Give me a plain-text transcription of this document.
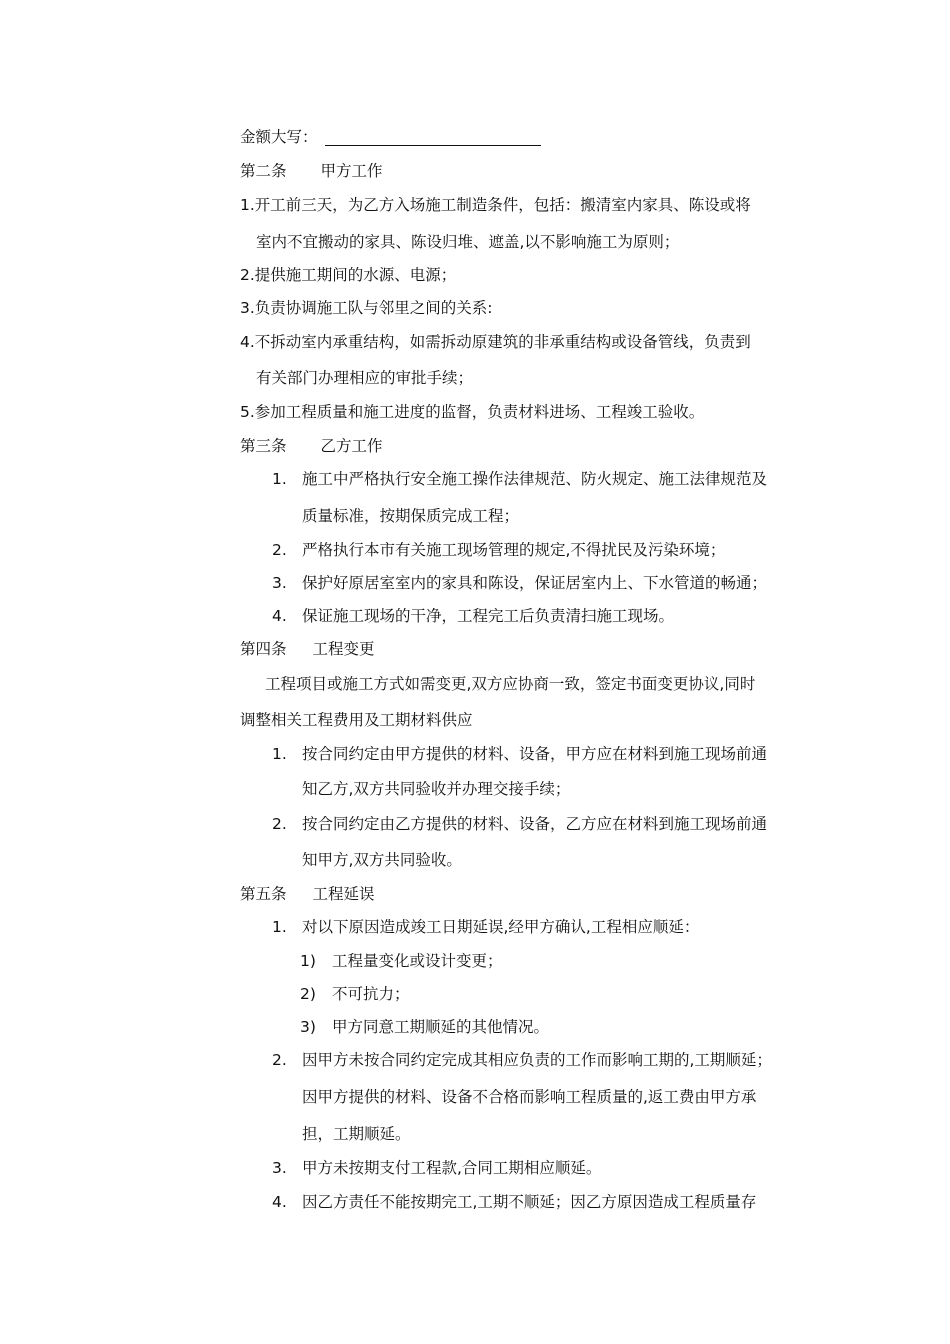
金额大写：
第二条 甲方工作
1.开工前三天，为乙方入场施工制造条件，包括：搬清室内家具、陈设或将
室内不宜搬动的家具、陈设归堆、遮盖,以不影响施工为原则；
2.提供施工期间的水源、电源；
3.负责协调施工队与邻里之间的关系:
4.不拆动室内承重结构，如需拆动原建筑的非承重结构或设备管线，负责到
有关部门办理相应的审批手续；
5.参加工程质量和施工进度的监督，负责材料进场、工程竣工验收。
第三条 乙方工作
1. 施工中严格执行安全施工操作法律规范、防火规定、施工法律规范及
质量标准，按期保质完成工程；
2. 严格执行本市有关施工现场管理的规定,不得扰民及污染环境；
3. 保护好原居室室内的家具和陈设，保证居室内上、下水管道的畅通；
4. 保证施工现场的干净，工程完工后负责清扫施工现场。
第四条 工程变更
工程项目或施工方式如需变更,双方应协商一致，签定书面变更协议,同时
调整相关工程费用及工期材料供应
1. 按合同约定由甲方提供的材料、设备，甲方应在材料到施工现场前通
知乙方,双方共同验收并办理交接手续；
2. 按合同约定由乙方提供的材料、设备，乙方应在材料到施工现场前通
知甲方,双方共同验收。
第五条 工程延误
1. 对以下原因造成竣工日期延误,经甲方确认,工程相应顺延：
1) 工程量变化或设计变更；
2) 不可抗力；
3) 甲方同意工期顺延的其他情况。
2. 因甲方未按合同约定完成其相应负责的工作而影响工期的,工期顺延；
因甲方提供的材料、设备不合格而影响工程质量的,返工费由甲方承
担，工期顺延。
3. 甲方未按期支付工程款,合同工期相应顺延。
4. 因乙方责任不能按期完工,工期不顺延；因乙方原因造成工程质量存
